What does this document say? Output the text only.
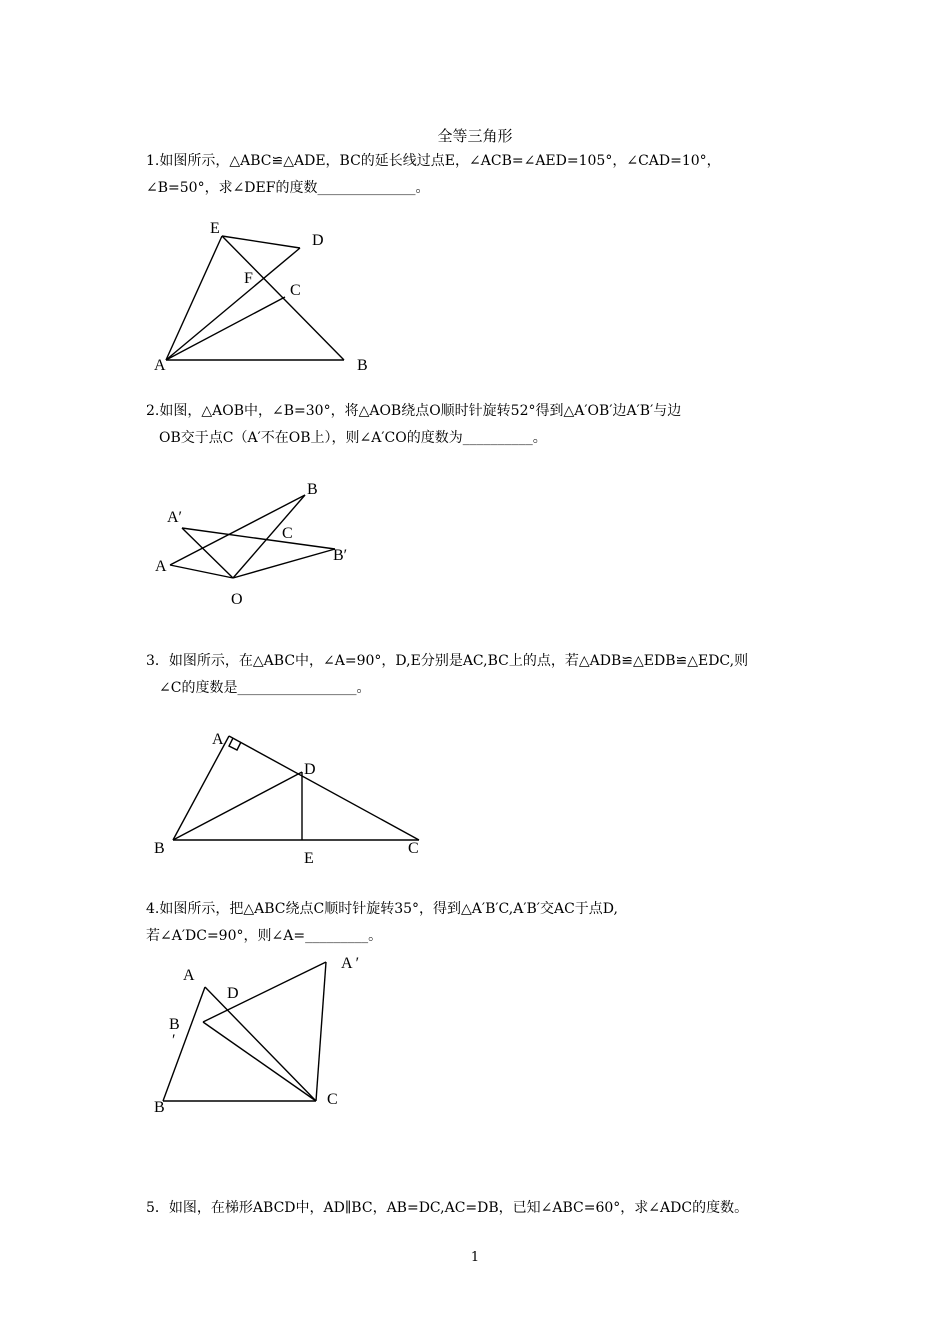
全等三角形
1.如图所示，△ABC≌△ADE，BC的延长线过点E，∠ACB=∠AED=105°，∠CAD=10°，
∠B=50°，求∠DEF的度数______________。
E
D
F
C
A	B
2.如图，△AOB中，∠B=30°，将△AOB绕点O顺时针旋转52°得到△A′OB′边A′B′与边
OB交于点C（A′不在OB上），则∠A′CO的度数为__________。
B
A′
C
B′
A
O
3．如图所示，在△ABC中，∠A=90°，D,E分别是AC,BC上的点，若△ADB≌△EDB≌△EDC,则
∠C的度数是_________________。
A
D
B
E
C
4.如图所示，把△ABC绕点C顺时针旋转35°，得到△A′B′C,A′B′交AC于点D,
若∠A′DC=90°，则∠A=_________。
A
A ′
D
B
′
B	C
5．如图，在梯形ABCD中，AD∥BC，AB=DC,AC=DB，已知∠ABC=60°，求∠ADC的度数。
1
